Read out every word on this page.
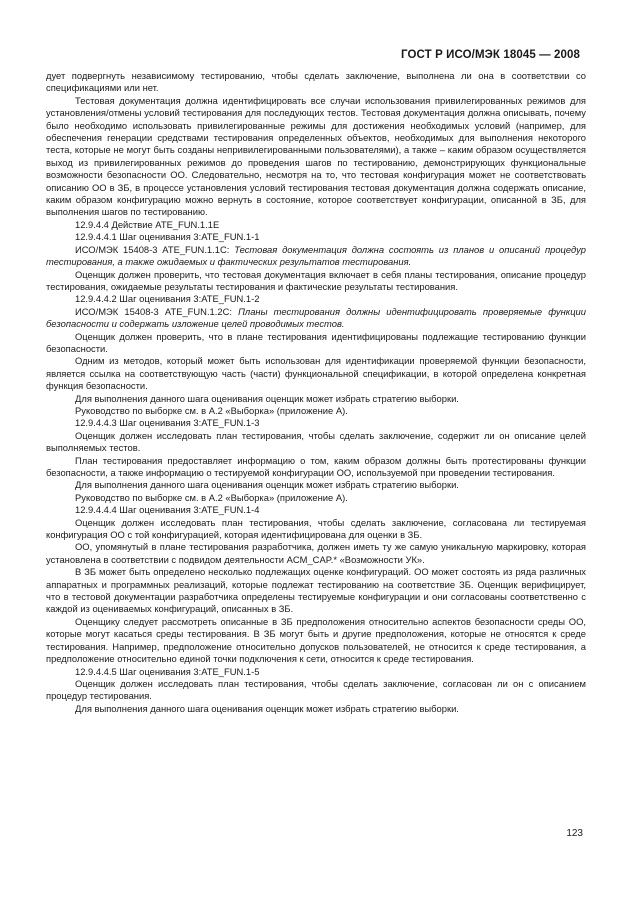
ГОСТ Р ИСО/МЭК 18045 — 2008

дует подвергнуть независимому тестированию, чтобы сделать заключение, выполнена ли она в соответствии со спецификациями или нет.

Тестовая документация должна идентифицировать все случаи использования привилегированных режимов для установления/отмены условий тестирования для последующих тестов. Тестовая документация должна описывать, почему было необходимо использовать привилегированные режимы для достижения необходимых условий (например, для обеспечения генерации средствами тестирования определенных объектов, необходимых для выполнения некоторого теста, которые не могут быть созданы непривилегированными пользователями), а также – каким образом осуществляется выход из привилегированных режимов до проведения шагов по тестированию, демонстрирующих функциональные возможности безопасности ОО. Следовательно, несмотря на то, что тестовая конфигурация может не соответствовать описанию ОО в ЗБ, в процессе установления условий тестирования тестовая документация должна содержать описание, каким образом конфигурацию можно вернуть в состояние, которое соответствует конфигурации, описанной в ЗБ, для выполнения шагов по тестированию.

12.9.4.4 Действие ATE_FUN.1.1E

12.9.4.4.1 Шаг оценивания 3:ATE_FUN.1-1

ИСО/МЭК 15408-3 ATE_FUN.1.1C: Тестовая документация должна состоять из планов и описаний процедур тестирования, а также ожидаемых и фактических результатов тестирования.

Оценщик должен проверить, что тестовая документация включает в себя планы тестирования, описание процедур тестирования, ожидаемые результаты тестирования и фактические результаты тестирования.

12.9.4.4.2 Шаг оценивания 3:ATE_FUN.1-2

ИСО/МЭК 15408-3 ATE_FUN.1.2C: Планы тестирования должны идентифицировать проверяемые функции безопасности и содержать изложение целей проводимых тестов.

Оценщик должен проверить, что в плане тестирования идентифицированы подлежащие тестированию функции безопасности.

Одним из методов, который может быть использован для идентификации проверяемой функции безопасности, является ссылка на соответствующую часть (части) функциональной спецификации, в которой определена конкретная функция безопасности.

Для выполнения данного шага оценивания оценщик может избрать стратегию выборки.

Руководство по выборке см. в А.2 «Выборка» (приложение А).

12.9.4.4.3 Шаг оценивания 3:ATE_FUN.1-3

Оценщик должен исследовать план тестирования, чтобы сделать заключение, содержит ли он описание целей выполняемых тестов.

План тестирования предоставляет информацию о том, каким образом должны быть протестированы функции безопасности, а также информацию о тестируемой конфигурации ОО, используемой при проведении тестирования.

Для выполнения данного шага оценивания оценщик может избрать стратегию выборки.

Руководство по выборке см. в А.2 «Выборка» (приложение А).

12.9.4.4.4 Шаг оценивания 3:ATE_FUN.1-4

Оценщик должен исследовать план тестирования, чтобы сделать заключение, согласована ли тестируемая конфигурация ОО с той конфигурацией, которая идентифицирована для оценки в ЗБ.

ОО, упомянутый в плане тестирования разработчика, должен иметь ту же самую уникальную маркировку, которая установлена в соответствии с подвидом деятельности ACM_CAP.* «Возможности УК».

В ЗБ может быть определено несколько подлежащих оценке конфигураций. ОО может состоять из ряда различных аппаратных и программных реализаций, которые подлежат тестированию на соответствие ЗБ. Оценщик верифицирует, что в тестовой документации разработчика определены тестируемые конфигурации и они согласованы соответственно с каждой из оцениваемых конфигураций, описанных в ЗБ.

Оценщику следует рассмотреть описанные в ЗБ предположения относительно аспектов безопасности среды ОО, которые могут касаться среды тестирования. В ЗБ могут быть и другие предположения, которые не относятся к среде тестирования. Например, предположение относительно допусков пользователей, не относится к среде тестирования, а предположение относительно единой точки подключения к сети, относится к среде тестирования.

12.9.4.4.5 Шаг оценивания 3:ATE_FUN.1-5

Оценщик должен исследовать план тестирования, чтобы сделать заключение, согласован ли он с описанием процедур тестирования.

Для выполнения данного шага оценивания оценщик может избрать стратегию выборки.

123
